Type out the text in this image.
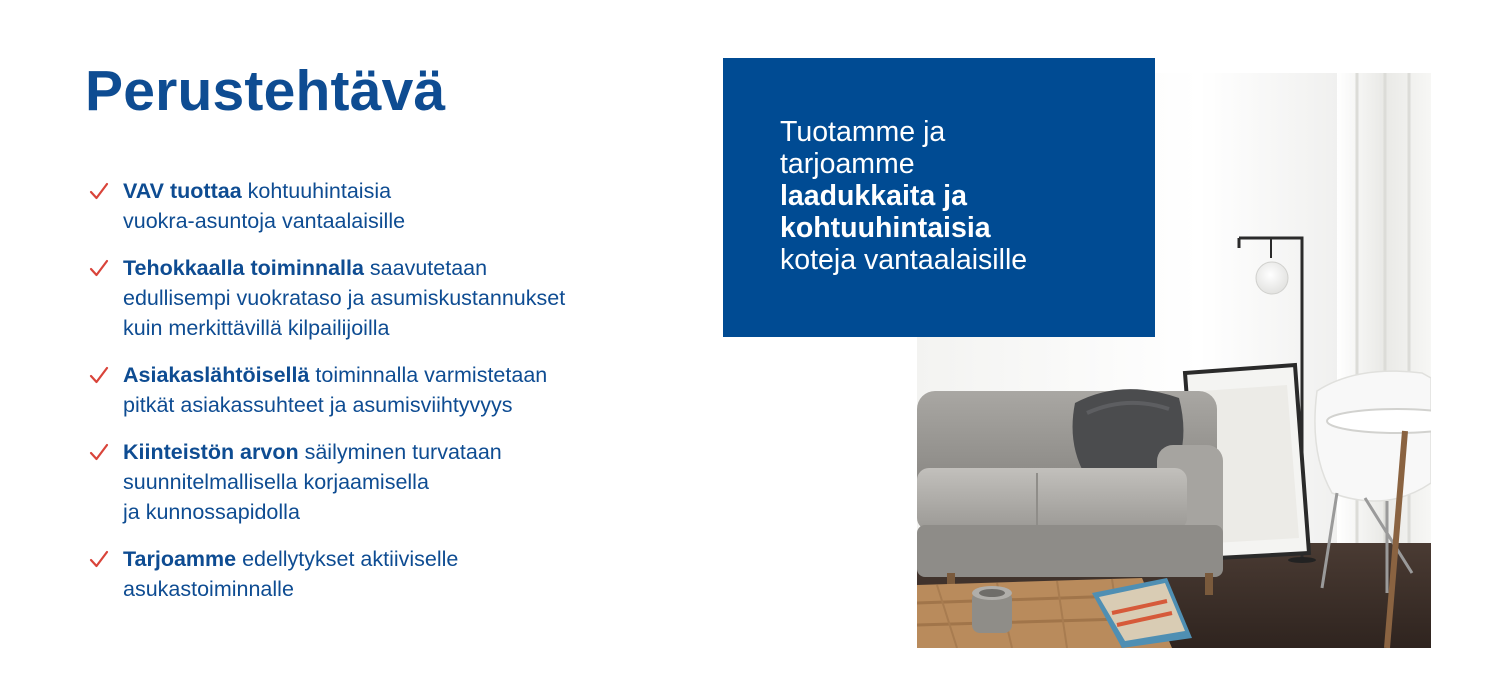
Perustehtävä
VAV tuottaa kohtuuhintaisia
vuokra-asuntoja vantaalaisille
Tehokkaalla toiminnalla saavutetaan
edullisempi vuokrataso ja asumiskustannukset
kuin merkittävillä kilpailijoilla
Asiakaslähtöisellä toiminnalla varmistetaan
pitkät asiakassuhteet ja asumisviihtyvyys
Kiinteistön arvon säilyminen turvataan
suunnitelmallisella korjaamisella
ja kunnossapidolla
Tarjoamme edellytykset aktiiviselle
asukastoiminnalle
Tuotamme ja
tarjoamme
laadukkaita ja
kohtuuhintaisia
koteja vantaalaisille
